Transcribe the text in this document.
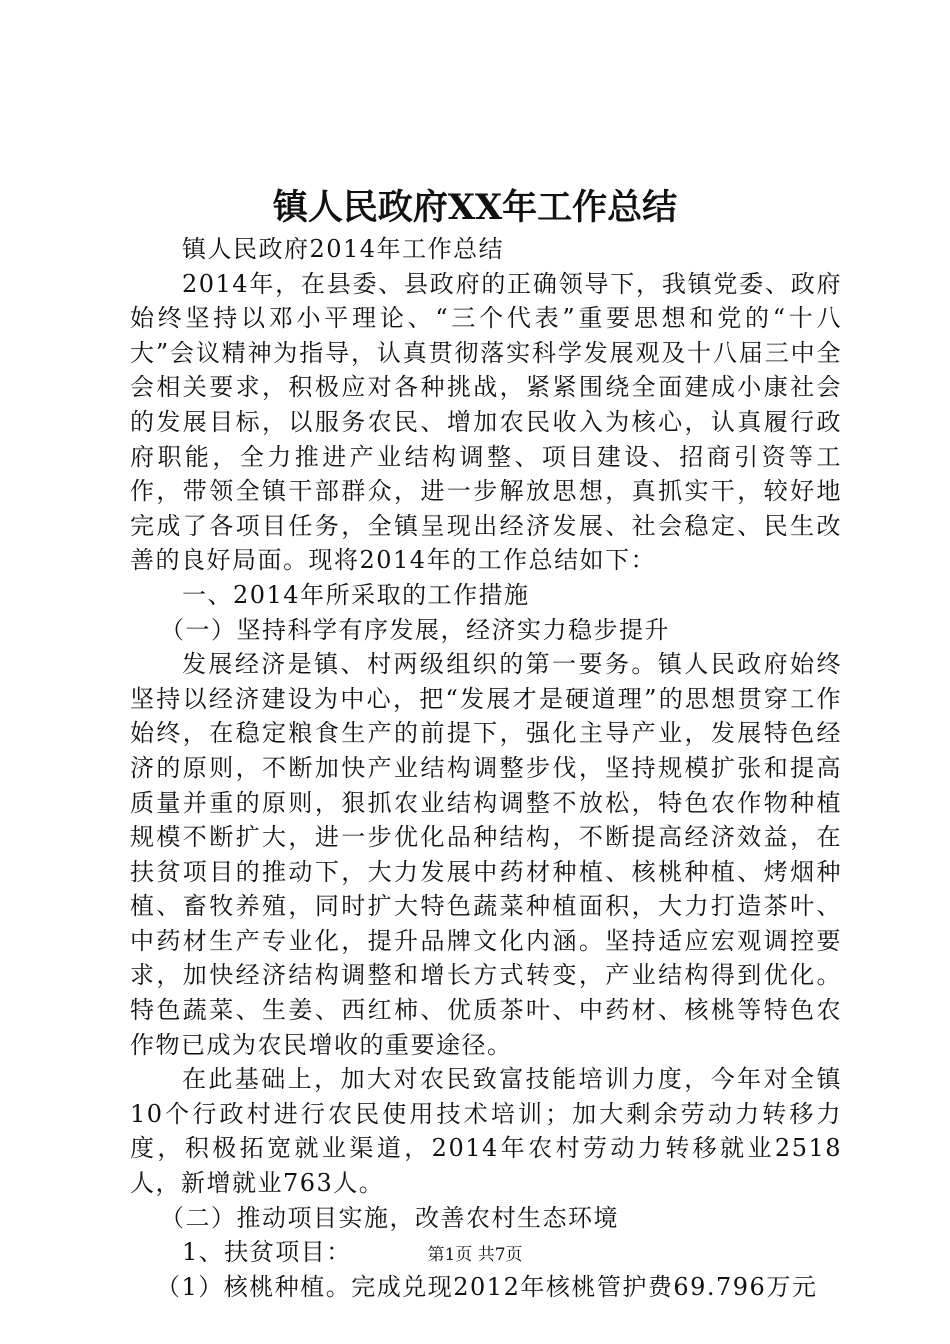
镇人民政府XX年工作总结

镇人民政府2014年工作总结

2014年，在县委、县政府的正确领导下，我镇党委、政府始终坚持以邓小平理论、“三个代表”重要思想和党的“十八大”会议精神为指导，认真贯彻落实科学发展观及十八届三中全会相关要求，积极应对各种挑战，紧紧围绕全面建成小康社会的发展目标，以服务农民、增加农民收入为核心，认真履行政府职能，全力推进产业结构调整、项目建设、招商引资等工作，带领全镇干部群众，进一步解放思想，真抓实干，较好地完成了各项目任务，全镇呈现出经济发展、社会稳定、民生改善的良好局面。现将2014年的工作总结如下：

一、2014年所采取的工作措施

（一）坚持科学有序发展，经济实力稳步提升

发展经济是镇、村两级组织的第一要务。镇人民政府始终坚持以经济建设为中心，把“发展才是硬道理”的思想贯穿工作始终，在稳定粮食生产的前提下，强化主导产业，发展特色经济的原则，不断加快产业结构调整步伐，坚持规模扩张和提高质量并重的原则，狠抓农业结构调整不放松，特色农作物种植规模不断扩大，进一步优化品种结构，不断提高经济效益，在扶贫项目的推动下，大力发展中药材种植、核桃种植、烤烟种植、畜牧养殖，同时扩大特色蔬菜种植面积，大力打造茶叶、中药材生产专业化，提升品牌文化内涵。坚持适应宏观调控要求，加快经济结构调整和增长方式转变，产业结构得到优化。特色蔬菜、生姜、西红柿、优质茶叶、中药材、核桃等特色农作物已成为农民增收的重要途径。

在此基础上，加大对农民致富技能培训力度，今年对全镇10个行政村进行农民使用技术培训；加大剩余劳动力转移力度，积极拓宽就业渠道，2014年农村劳动力转移就业2518人，新增就业763人。

（二）推动项目实施，改善农村生态环境

1、扶贫项目：

（1）核桃种植。完成兑现2012年核桃管护费69.796万元

第1页 共7页
